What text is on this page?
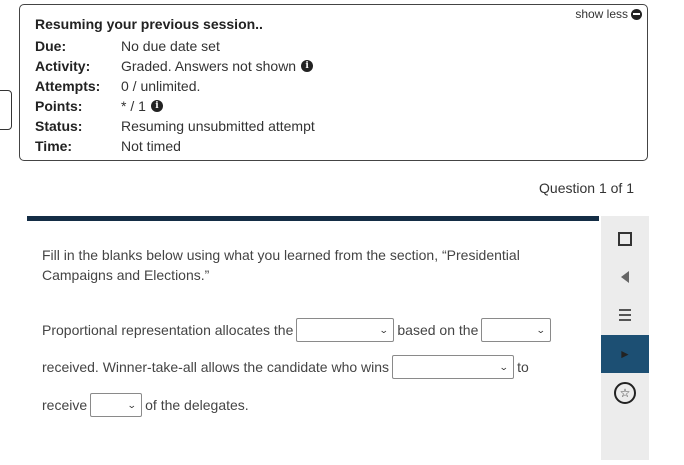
show less
Resuming your previous session..
Due:	No due date set
Activity:	Graded. Answers not shown	i
Attempts:	0 / unlimited.
Points:	* / 1	i
Status:	Resuming unsubmitted attempt
Time:	Not timed
Question 1 of 1
Fill in the blanks below using what you learned from the section, “Presidential Campaigns and Elections.”
Proportional representation allocates the	⌄ based on the	⌄
received. Winner-take-all allows the candidate who wins	⌄ to
receive	⌄ of the delegates.
►
☆
